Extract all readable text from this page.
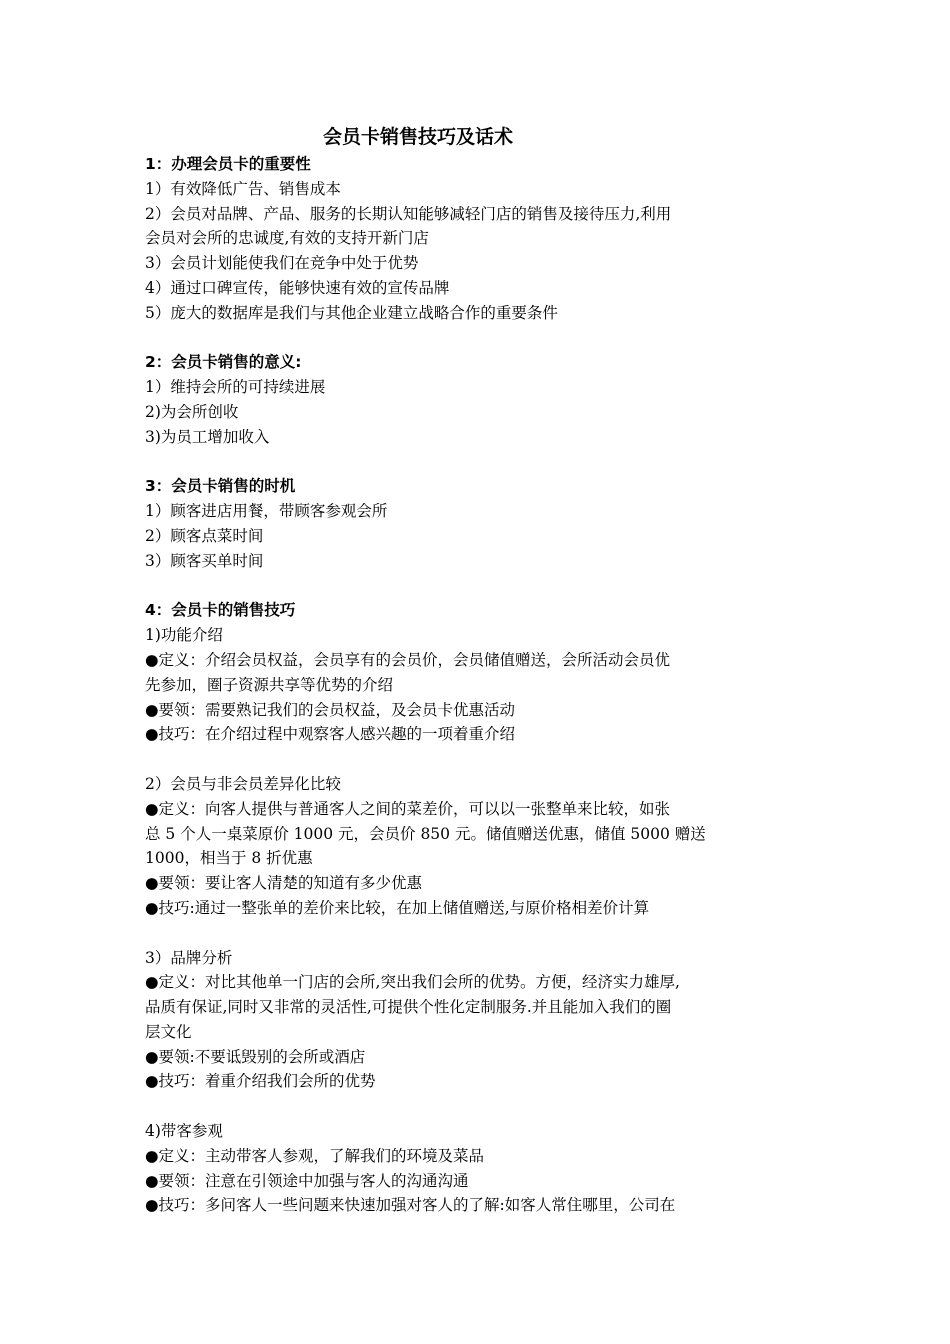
会员卡销售技巧及话术
1：办理会员卡的重要性
1）有效降低广告、销售成本
2）会员对品牌、产品、服务的长期认知能够减轻门店的销售及接待压力,利用
会员对会所的忠诚度,有效的支持开新门店
3）会员计划能使我们在竞争中处于优势
4）通过口碑宣传，能够快速有效的宣传品牌
5）庞大的数据库是我们与其他企业建立战略合作的重要条件
2：会员卡销售的意义:
1）维持会所的可持续进展
2)为会所创收
3)为员工增加收入
3：会员卡销售的时机
1）顾客进店用餐，带顾客参观会所
2）顾客点菜时间
3）顾客买单时间
4：会员卡的销售技巧
1)功能介绍
●定义：介绍会员权益，会员享有的会员价，会员储值赠送，会所活动会员优
先参加，圈子资源共享等优势的介绍
●要领：需要熟记我们的会员权益，及会员卡优惠活动
●技巧：在介绍过程中观察客人感兴趣的一项着重介绍
2）会员与非会员差异化比较
●定义：向客人提供与普通客人之间的菜差价，可以以一张整单来比较，如张
总 5 个人一桌菜原价 1000 元，会员价 850 元。储值赠送优惠，储值 5000 赠送
1000，相当于 8 折优惠
●要领：要让客人清楚的知道有多少优惠
●技巧:通过一整张单的差价来比较，在加上储值赠送,与原价格相差价计算
3）品牌分析
●定义：对比其他单一门店的会所,突出我们会所的优势。方便，经济实力雄厚,
品质有保证,同时又非常的灵活性,可提供个性化定制服务.并且能加入我们的圈
层文化
●要领:不要诋毁别的会所或酒店
●技巧：着重介绍我们会所的优势
4)带客参观
●定义：主动带客人参观，了解我们的环境及菜品
●要领：注意在引领途中加强与客人的沟通沟通
●技巧：多问客人一些问题来快速加强对客人的了解:如客人常住哪里，公司在
